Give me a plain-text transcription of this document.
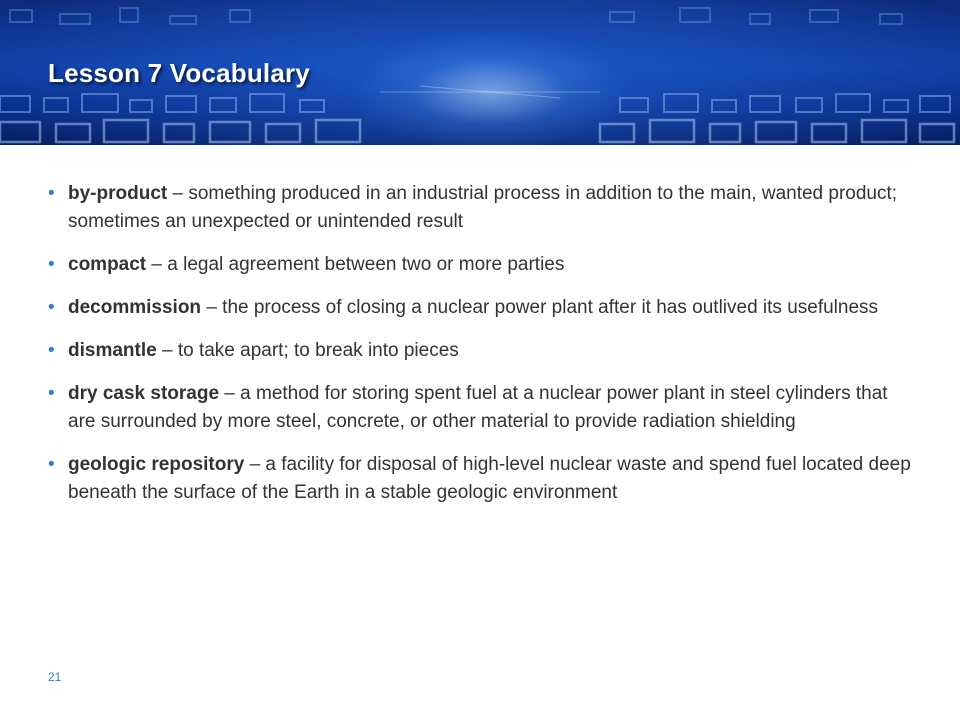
Lesson 7 Vocabulary
• by-product – something produced in an industrial process in addition to the main, wanted product; sometimes an unexpected or unintended result
• compact – a legal agreement between two or more parties
• decommission – the process of closing a nuclear power plant after it has outlived its usefulness
• dismantle – to take apart; to break into pieces
• dry cask storage – a method for storing spent fuel at a nuclear power plant in steel cylinders that are surrounded by more steel, concrete, or other material to provide radiation shielding
• geologic repository – a facility for disposal of high-level nuclear waste and spend fuel located deep beneath the surface of the Earth in a stable geologic environment
21
